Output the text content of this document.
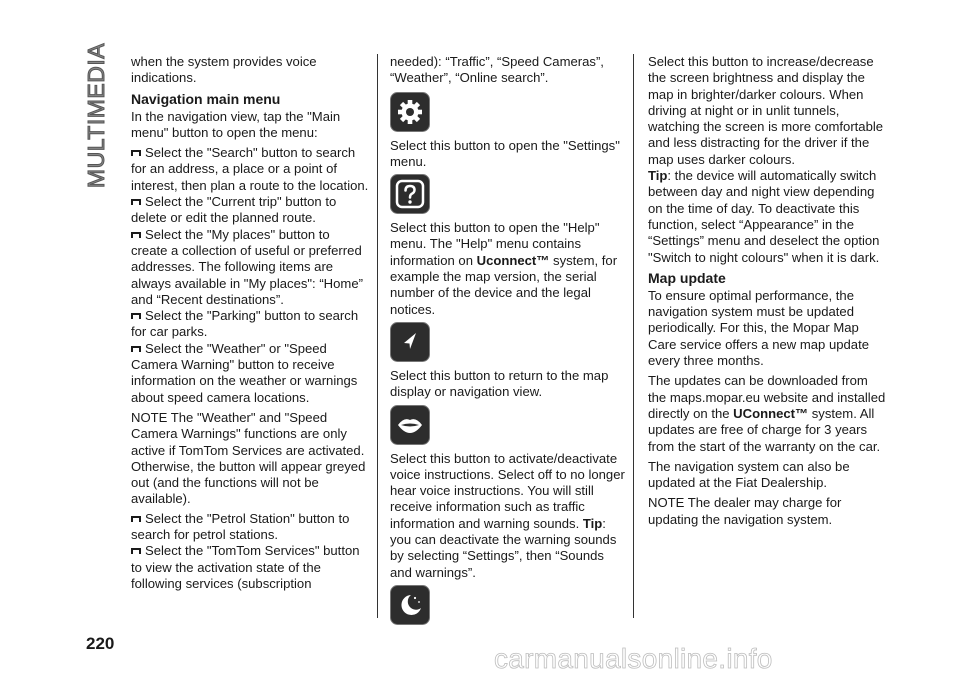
MULTIMEDIA when the system provides voice indications.

Navigation main menu

In the navigation view, tap the "Main menu" button to open the menu:

Select the "Search" button to search for an address, a place or a point of interest, then plan a route to the location.

Select the "Current trip" button to delete or edit the planned route.

Select the "My places" button to create a collection of useful or preferred addresses. The following items are always available in "My places": “Home” and “Recent destinations”.

Select the "Parking" button to search for car parks.

Select the "Weather" or "Speed Camera Warning" button to receive information on the weather or warnings about speed camera locations.

NOTE The "Weather" and "Speed Camera Warnings" functions are only active if TomTom Services are activated. Otherwise, the button will appear greyed out (and the functions will not be available).

Select the "Petrol Station" button to search for petrol stations.

Select the "TomTom Services" button to view the activation state of the following services (subscription

needed): “Traffic”, “Speed Cameras”, “Weather”, “Online search”.

Select this button to open the "Settings" menu.

Select this button to open the "Help" menu. The "Help" menu contains information on Uconnect™ system, for example the map version, the serial number of the device and the legal notices.

Select this button to return to the map display or navigation view.

Select this button to activate/deactivate voice instructions. Select off to no longer hear voice instructions. You will still receive information such as traffic information and warning sounds. Tip: you can deactivate the warning sounds by selecting “Settings”, then “Sounds and warnings”.

Select this button to increase/decrease the screen brightness and display the map in brighter/darker colours. When driving at night or in unlit tunnels, watching the screen is more comfortable and less distracting for the driver if the map uses darker colours.

Tip: the device will automatically switch between day and night view depending on the time of day. To deactivate this function, select “Appearance” in the “Settings” menu and deselect the option "Switch to night colours" when it is dark.

Map update

To ensure optimal performance, the navigation system must be updated periodically. For this, the Mopar Map Care service offers a new map update every three months.

The updates can be downloaded from the maps.mopar.eu website and installed directly on the UConnect™ system. All updates are free of charge for 3 years from the start of the warranty on the car.

The navigation system can also be updated at the Fiat Dealership.

NOTE The dealer may charge for updating the navigation system.

220	carmanualsonline.info
